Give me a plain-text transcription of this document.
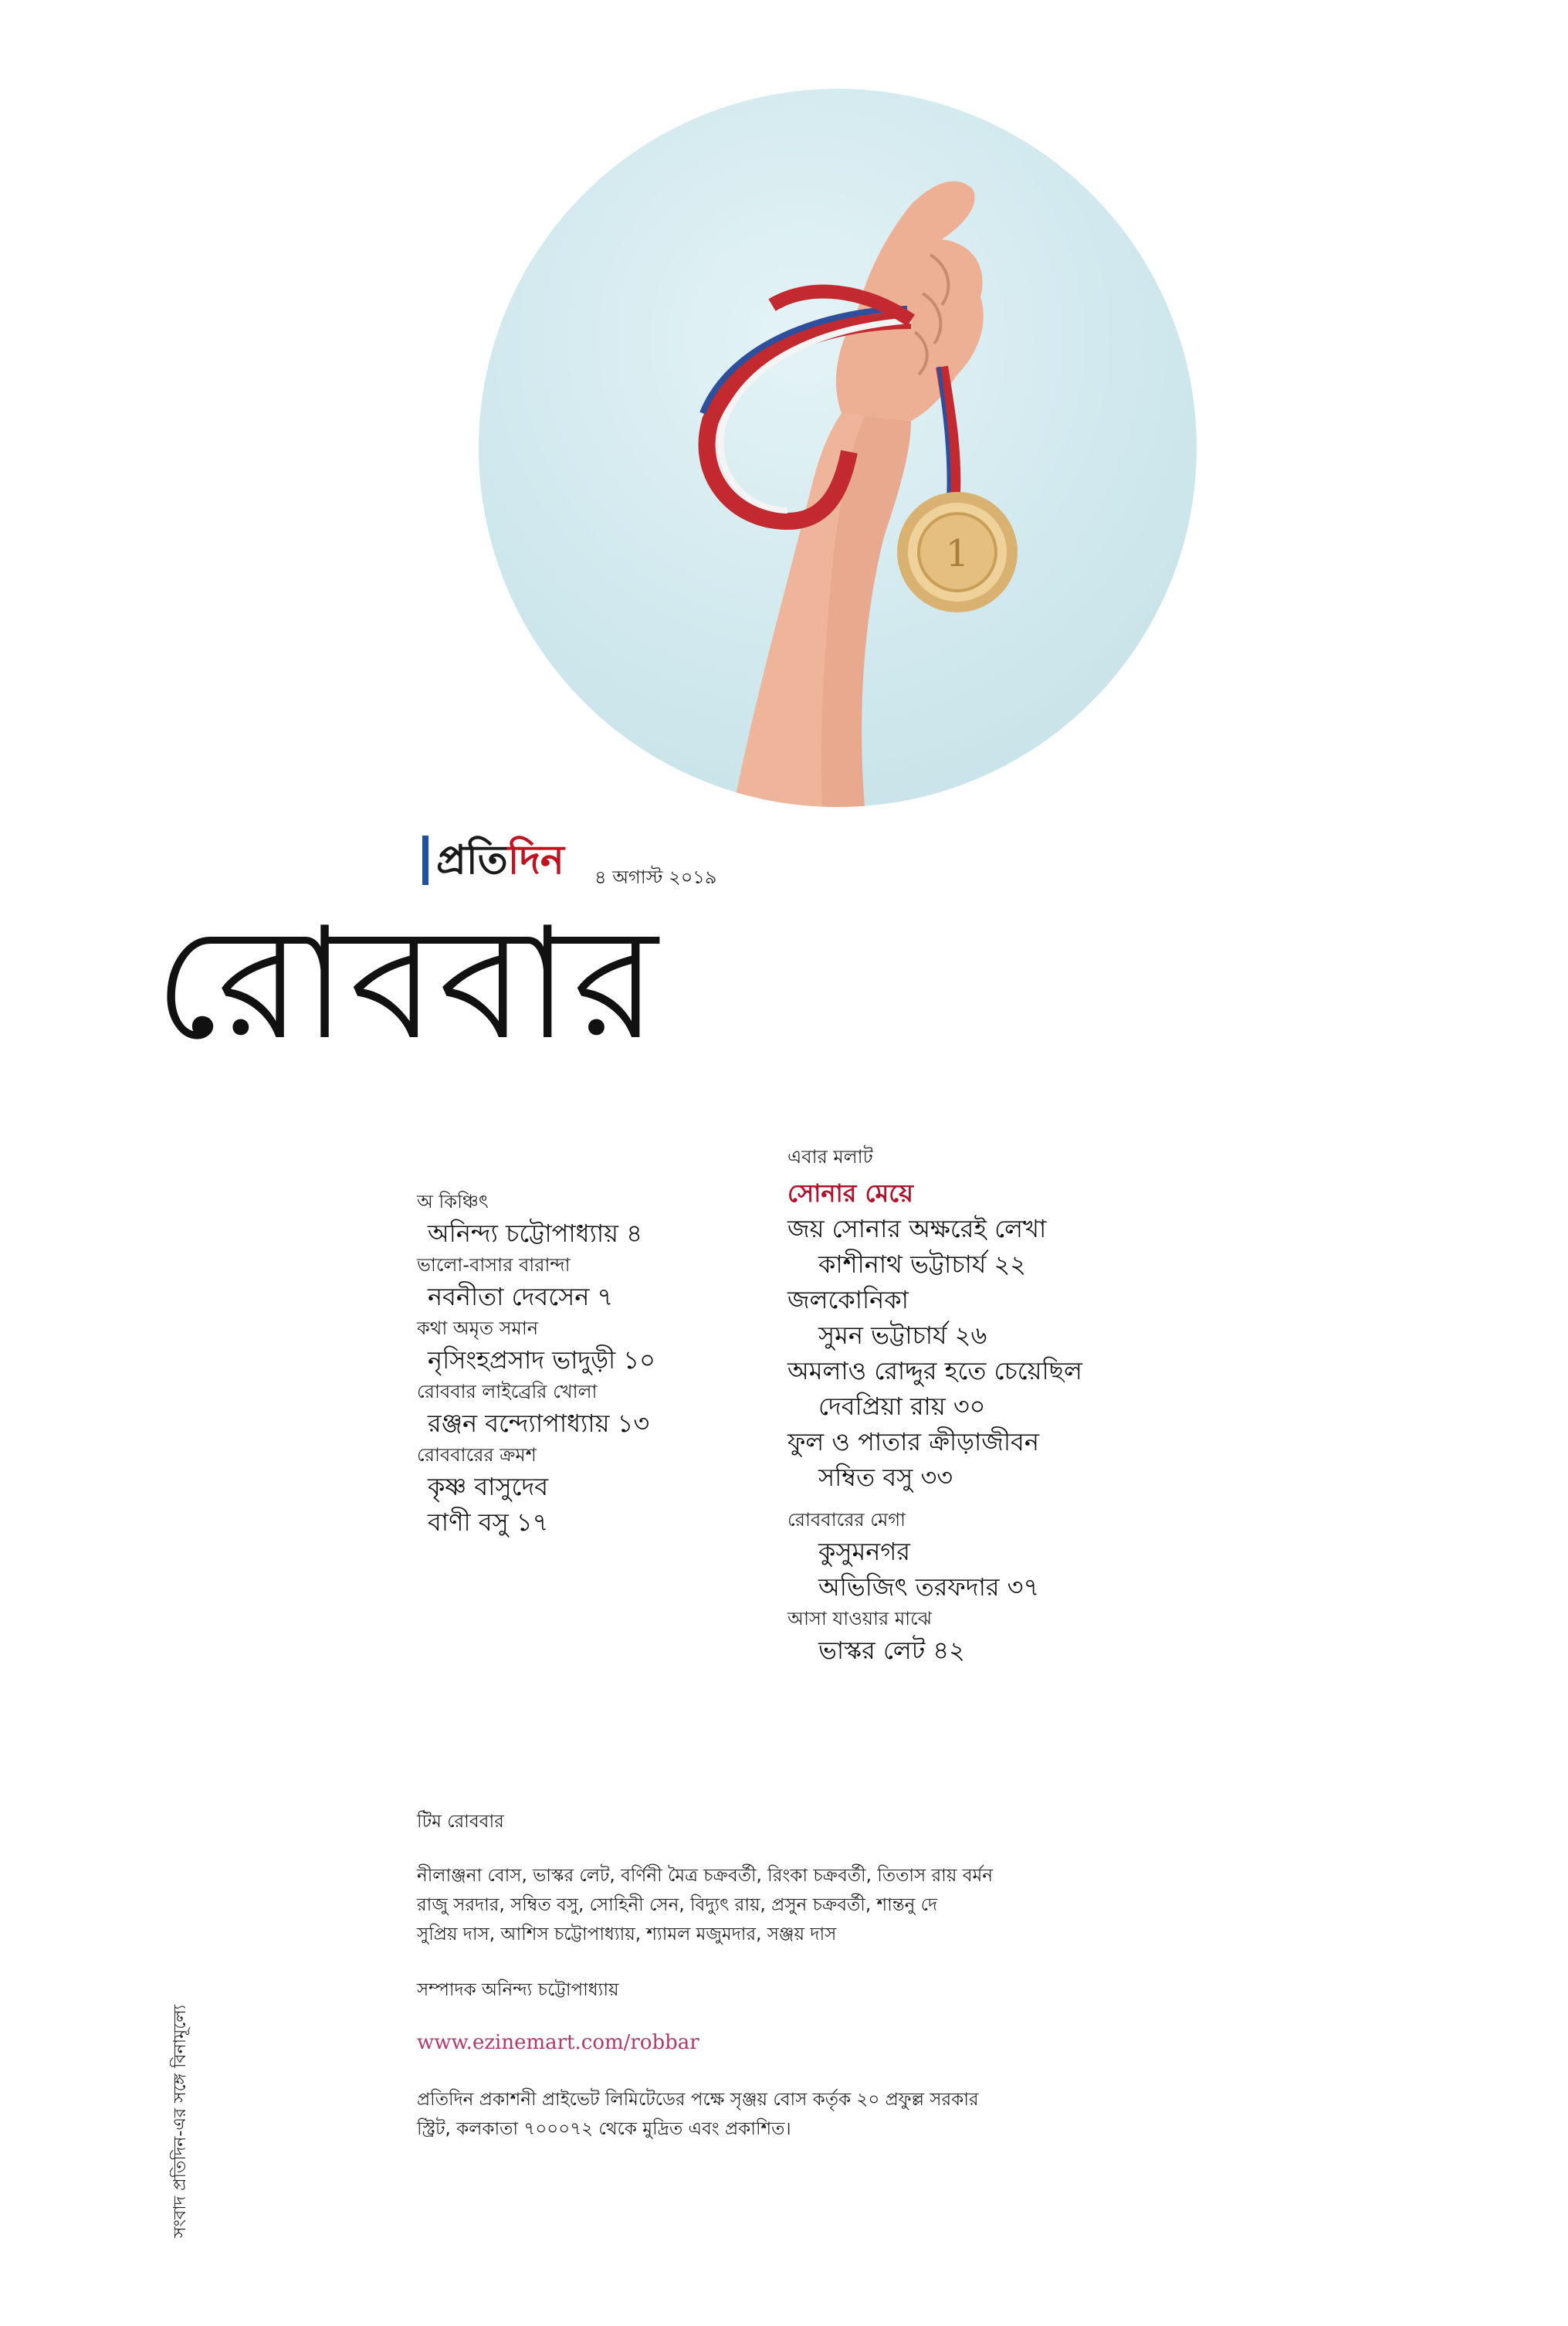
1
প্রতিদিন ৪ অগাস্ট ২০১৯
রোববার
অ কিঞ্চিৎ
অনিন্দ্য চট্টোপাধ্যায় ৪
ভালো-বাসার বারান্দা
নবনীতা দেবসেন ৭
কথা অমৃত সমান
নৃসিংহপ্রসাদ ভাদুড়ী ১০
রোববার লাইব্রেরি খোলা
রঞ্জন বন্দ্যোপাধ্যায় ১৩
রোববারের ক্রমশ
কৃষ্ণ বাসুদেব
বাণী বসু ১৭
এবার মলাট
সোনার মেয়ে
জয় সোনার অক্ষরেই লেখা
কাশীনাথ ভট্টাচার্য ২২
জলকোনিকা
সুমন ভট্টাচার্য ২৬
অমলাও রোদ্দুর হতে চেয়েছিল
দেবপ্রিয়া রায় ৩০
ফুল ও পাতার ক্রীড়াজীবন
সম্বিত বসু ৩৩
রোববারের মেগা
কুসুমনগর
অভিজিৎ তরফদার ৩৭
আসা যাওয়ার মাঝে
ভাস্কর লেট ৪২
সংবাদ প্রতিদিন-এর সঙ্গে বিনামূল্যে
টিম রোববার
নীলাঞ্জনা বোস, ভাস্কর লেট, বর্ণিনী মৈত্র চক্রবর্তী, রিংকা চক্রবর্তী, তিতাস রায় বর্মন
রাজু সরদার, সম্বিত বসু, সোহিনী সেন, বিদ্যুৎ রায়, প্রসুন চক্রবর্তী, শান্তনু দে
সুপ্রিয় দাস, আশিস চট্টোপাধ্যায়, শ্যামল মজুমদার, সঞ্জয় দাস
সম্পাদক অনিন্দ্য চট্টোপাধ্যায়
www.ezinemart.com/robbar
প্রতিদিন প্রকাশনী প্রাইভেট লিমিটেডের পক্ষে সৃঞ্জয় বোস কর্তৃক ২০ প্রফুল্ল সরকার
স্ট্রিট, কলকাতা ৭০০০৭২ থেকে মুদ্রিত এবং প্রকাশিত।
